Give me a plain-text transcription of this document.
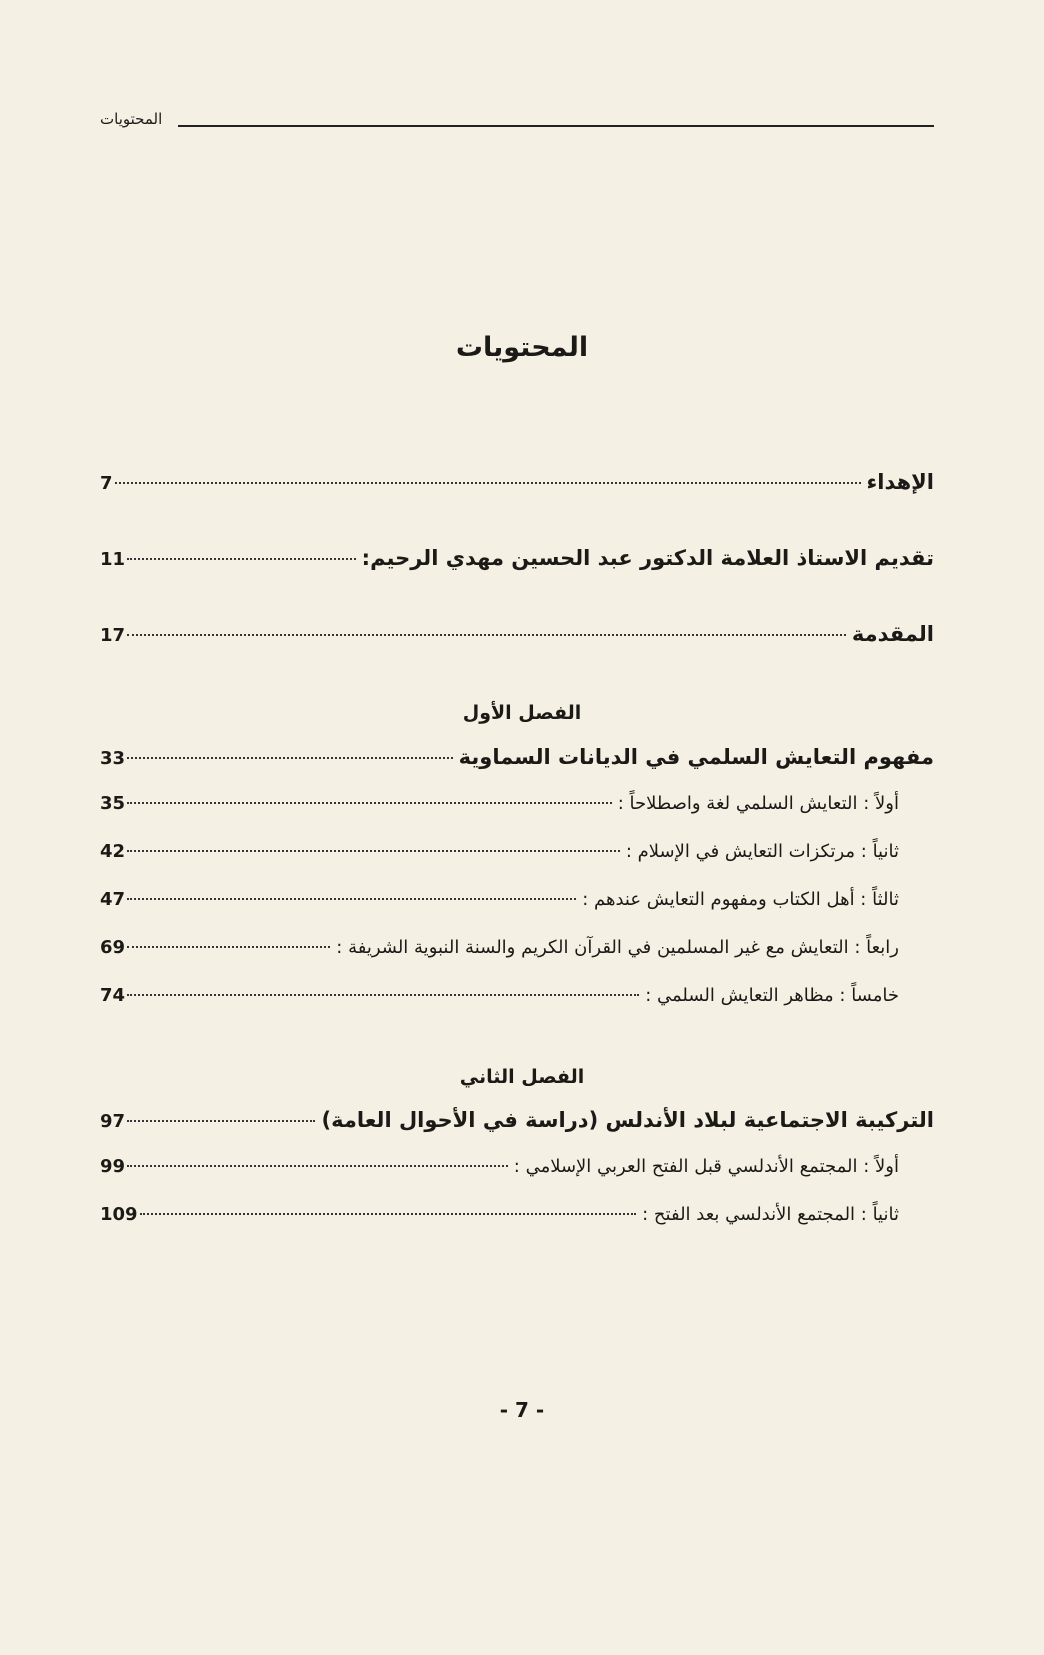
المحتويات
المحتويات
الإهداء
7
تقديم الاستاذ العلامة الدكتور عبد الحسين مهدي الرحيم:
11
المقدمة
17
الفصل الأول
مفهوم التعايش السلمي في الديانات السماوية
33
أولاً : التعايش السلمي لغة واصطلاحاً :
35
ثانياً : مرتكزات التعايش في الإسلام :
42
ثالثاً : أهل الكتاب ومفهوم التعايش عندهم :
47
رابعاً : التعايش مع غير المسلمين في القرآن الكريم والسنة النبوية الشريفة :
69
خامساً : مظاهر التعايش السلمي :
74
الفصل الثاني
التركيبة الاجتماعية لبلاد الأندلس (دراسة في الأحوال العامة)
97
أولاً : المجتمع الأندلسي قبل الفتح العربي الإسلامي :
99
ثانياً : المجتمع الأندلسي بعد الفتح :
109
- 7 -
